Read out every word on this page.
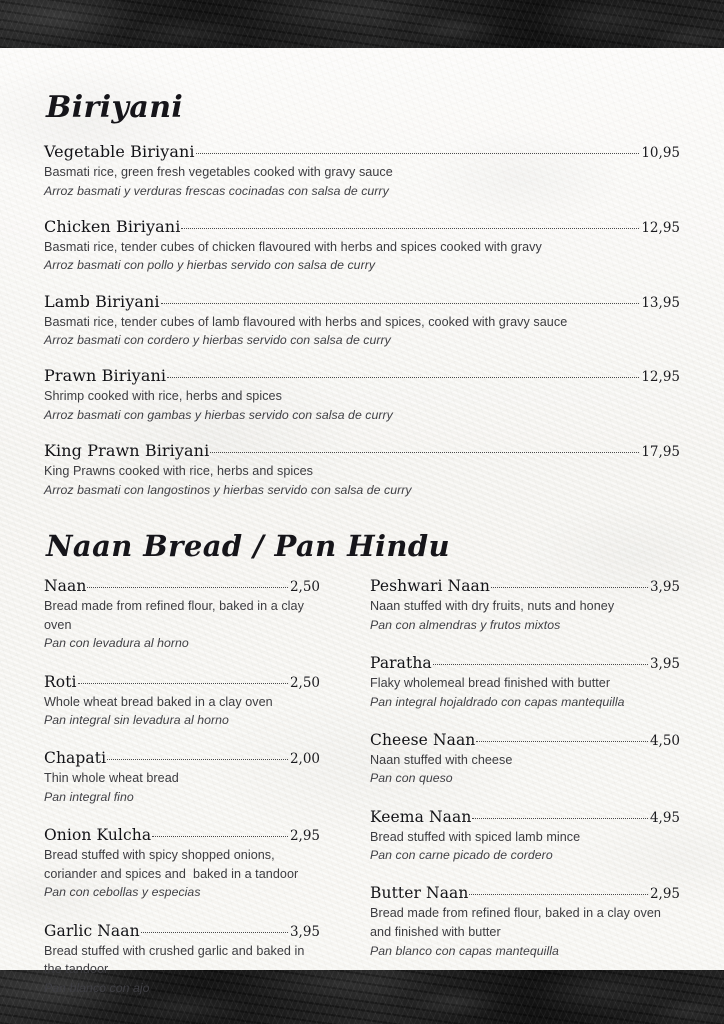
Biriyani
Vegetable Biriyani	10,95
Basmati rice, green fresh vegetables cooked with gravy sauce
Arroz basmati y verduras frescas cocinadas con salsa de curry
Chicken Biriyani	12,95
Basmati rice, tender cubes of chicken flavoured with herbs and spices cooked with gravy
Arroz basmati con pollo y hierbas servido con salsa de curry
Lamb Biriyani	13,95
Basmati rice, tender cubes of lamb flavoured with herbs and spices, cooked with gravy sauce
Arroz basmati con cordero y hierbas servido con salsa de curry
Prawn Biriyani	12,95
Shrimp cooked with rice, herbs and spices
Arroz basmati con gambas y hierbas servido con salsa de curry
King Prawn Biriyani	17,95
King Prawns cooked with rice, herbs and spices
Arroz basmati con langostinos y hierbas servido con salsa de curry
Naan Bread / Pan Hindu
Naan	2,50
Bread made from refined flour, baked in a clay oven
Pan con levadura al horno
Roti	2,50
Whole wheat bread baked in a clay oven
Pan integral sin levadura al horno
Chapati	2,00
Thin whole wheat bread
Pan integral fino
Onion Kulcha	2,95
Bread stuffed with spicy shopped onions, coriander and spices and  baked in a tandoor
Pan con cebollas y especias
Garlic Naan	3,95
Bread stuffed with crushed garlic and baked in the tandoor
Pan blanco con ajo
Peshwari Naan	3,95
Naan stuffed with dry fruits, nuts and honey
Pan con almendras y frutos mixtos
Paratha	3,95
Flaky wholemeal bread finished with butter
Pan integral hojaldrado con capas mantequilla
Cheese Naan	4,50
Naan stuffed with cheese
Pan con queso
Keema Naan	4,95
Bread stuffed with spiced lamb mince
Pan con carne picado de cordero
Butter Naan	2,95
Bread made from refined flour, baked in a clay oven and finished with butter
Pan blanco con capas mantequilla
